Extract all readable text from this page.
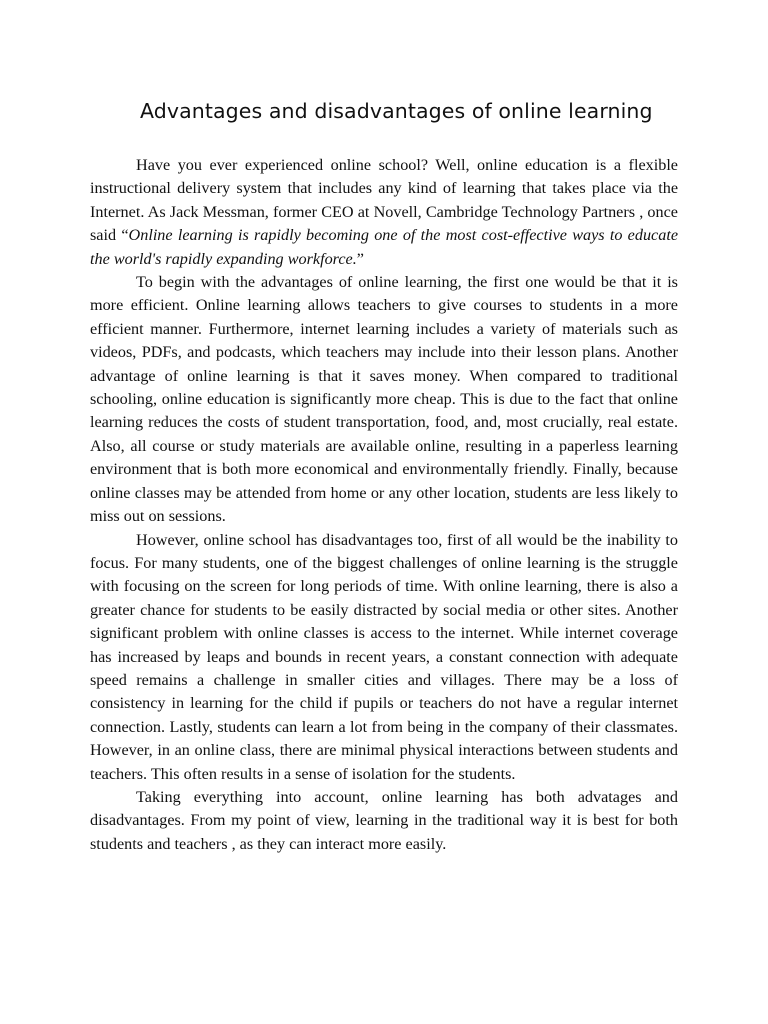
Advantages and disadvantages of online learning

Have you ever experienced online school? Well, online education is a flexible instructional delivery system that includes any kind of learning that takes place via the Internet. As Jack Messman, former CEO at Novell, Cambridge Technology Partners , once said “Online learning is rapidly becoming one of the most cost-effective ways to educate the world's rapidly expanding workforce.”

To begin with the advantages of online learning, the first one would be that it is more efficient. Online learning allows teachers to give courses to students in a more efficient manner. Furthermore, internet learning includes a variety of materials such as videos, PDFs, and podcasts, which teachers may include into their lesson plans. Another advantage of online learning is that it saves money. When compared to traditional schooling, online education is significantly more cheap. This is due to the fact that online learning reduces the costs of student transportation, food, and, most crucially, real estate. Also, all course or study materials are available online, resulting in a paperless learning environment that is both more economical and environmentally friendly. Finally, because online classes may be attended from home or any other location, students are less likely to miss out on sessions.

However, online school has disadvantages too, first of all would be the inability to focus. For many students, one of the biggest challenges of online learning is the struggle with focusing on the screen for long periods of time. With online learning, there is also a greater chance for students to be easily distracted by social media or other sites. Another significant problem with online classes is access to the internet. While internet coverage has increased by leaps and bounds in recent years, a constant connection with adequate speed remains a challenge in smaller cities and villages. There may be a loss of consistency in learning for the child if pupils or teachers do not have a regular internet connection. Lastly, students can learn a lot from being in the company of their classmates. However, in an online class, there are minimal physical interactions between students and teachers. This often results in a sense of isolation for the students.

Taking everything into account, online learning has both advatages and disadvantages. From my point of view, learning in the traditional way it is best for both students and teachers , as they can interact more easily.
